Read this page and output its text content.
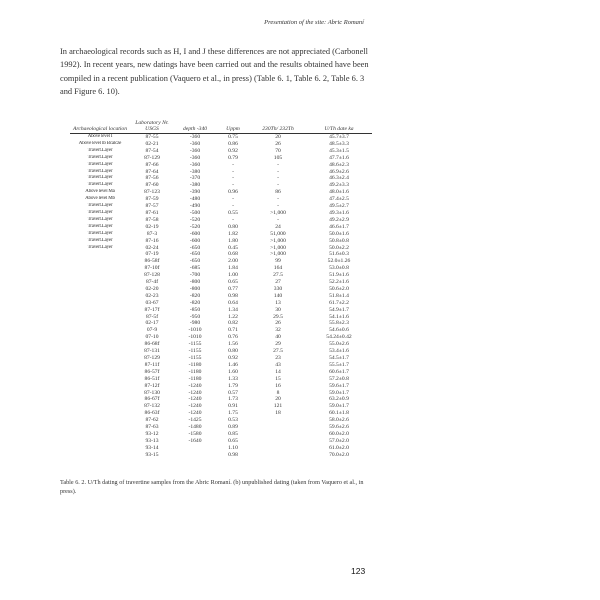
Presentation of the site: Abric Romaní

In archaeological records such as H, I and J these differences are not appreciated (Carbonell 1992). In recent years, new datings have been carried out and the results obtained have been compiled in a recent publication (Vaquero et al., in press) (Table 6. 1, Table 6. 2, Table 6. 3 and Figure 6. 10).

Archaeological location	Laboratory Nr. USGS	depth -340	Uppm	230Th/ 232Th	U/Th date ka
Above level I	87-55	-360	0.75	20	45.7±3.7
Above level Ib Bcalcze	02-21	-360	0.86	26	48.5±3.3
Travert.Layer	87-54	-360	0.92	70	45.3±1.5
Travert.Layer	87-129	-360	0.79	105	47.7±1.6
Travert.Layer	87-66	-360	-	-	48.6±2.3
Travert.Layer	87-64	-380	-	-	46.9±2.6
Travert.Layer	87-56	-370	-	-	46.3±2.4
Travert.Layer	87-60	-380	-	-	49.2±3.3
Above level Ma	87-123	-390	0.96	86	48.0±1.6
Above level Mb	87-59	-480	-	-	47.4±2.5
Travert.Layer	87-57	-490	-	-	49.5±2.7
Travert.Layer	87-61	-500	0.55	>1,000	49.3±1.6
Travert.Layer	87-58	-520	-	-	49.2±2.9
Travert.Layer	02-19	-520	0.80	24	46.6±1.7
Travert.Layer	87-3	-600	1.82	51,000	50.0±1.6
Travert.Layer	87-16	-600	1.80	>1,000	50.8±0.8
Travert.Layer	02-24	-650	0.45	>1,000	50.0±2.2
	07-19	-650	0.68	>1,000	51.6±0.3
	86-58f	-650	2.00	99	52.0±1.26
	87-10f	-685	1.84	164	53.0±0.8
	87-128	-700	1.00	27.5	51.9±1.6
	87-4f	-800	0.65	27	52.2±1.6
	02-20	-800	0.77	330	50.6±2.0
	02-23	-820	0.98	140	51.8±1.4
	03-67	-820	0.64	13	61.7±2.2
	87-17f	-850	1.34	30	54.9±1.7
	87-5f	-950	1.22	29.5	54.1±1.6
	02-17	-980	0.82	26	55.8±2.3
	07-9	-1010	0.71	32	54.6±0.6
	07-10	-1010	0.76	40	54.24±0.42
	86-68f	-1155	1.56	29	55.0±2.6
	87-131	-1155	0.80	27.5	53.4±1.6
	87-129	-1155	0.92	23	54.5±1.7
	87-11f	-1180	1.46	43	55.5±1.7
	86-57f	-1180	1.60	14	60.6±1.7
	86-51f	-1180	1.33	15	57.2±0.8
	87-12f	-1240	1.79	16	59.6±1.7
	87-130	-1240	0.57	8	59.0±1.7
	86-67f	-1240	1.73	20	63.2±0.9
	87-132	-1240	0.91	121	59.0±1.7
	86-63f	-1240	1.75	18	60.1±1.8
	87-62	-1425	0.53		58.0±2.6
	87-63	-1480	0.89		59.6±2.6
	93-12	-1580	0.85		60.0±2.0
	93-13	-1640	0.65		57.0±2.0
	93-14		1.10		61.0±2.0
	93-15		0.98		70.0±2.0

Table 6. 2. U/Th dating of travertine samples from the Abric Romaní. (b) unpublished dating (taken from Vaquero et al., in press).

123
